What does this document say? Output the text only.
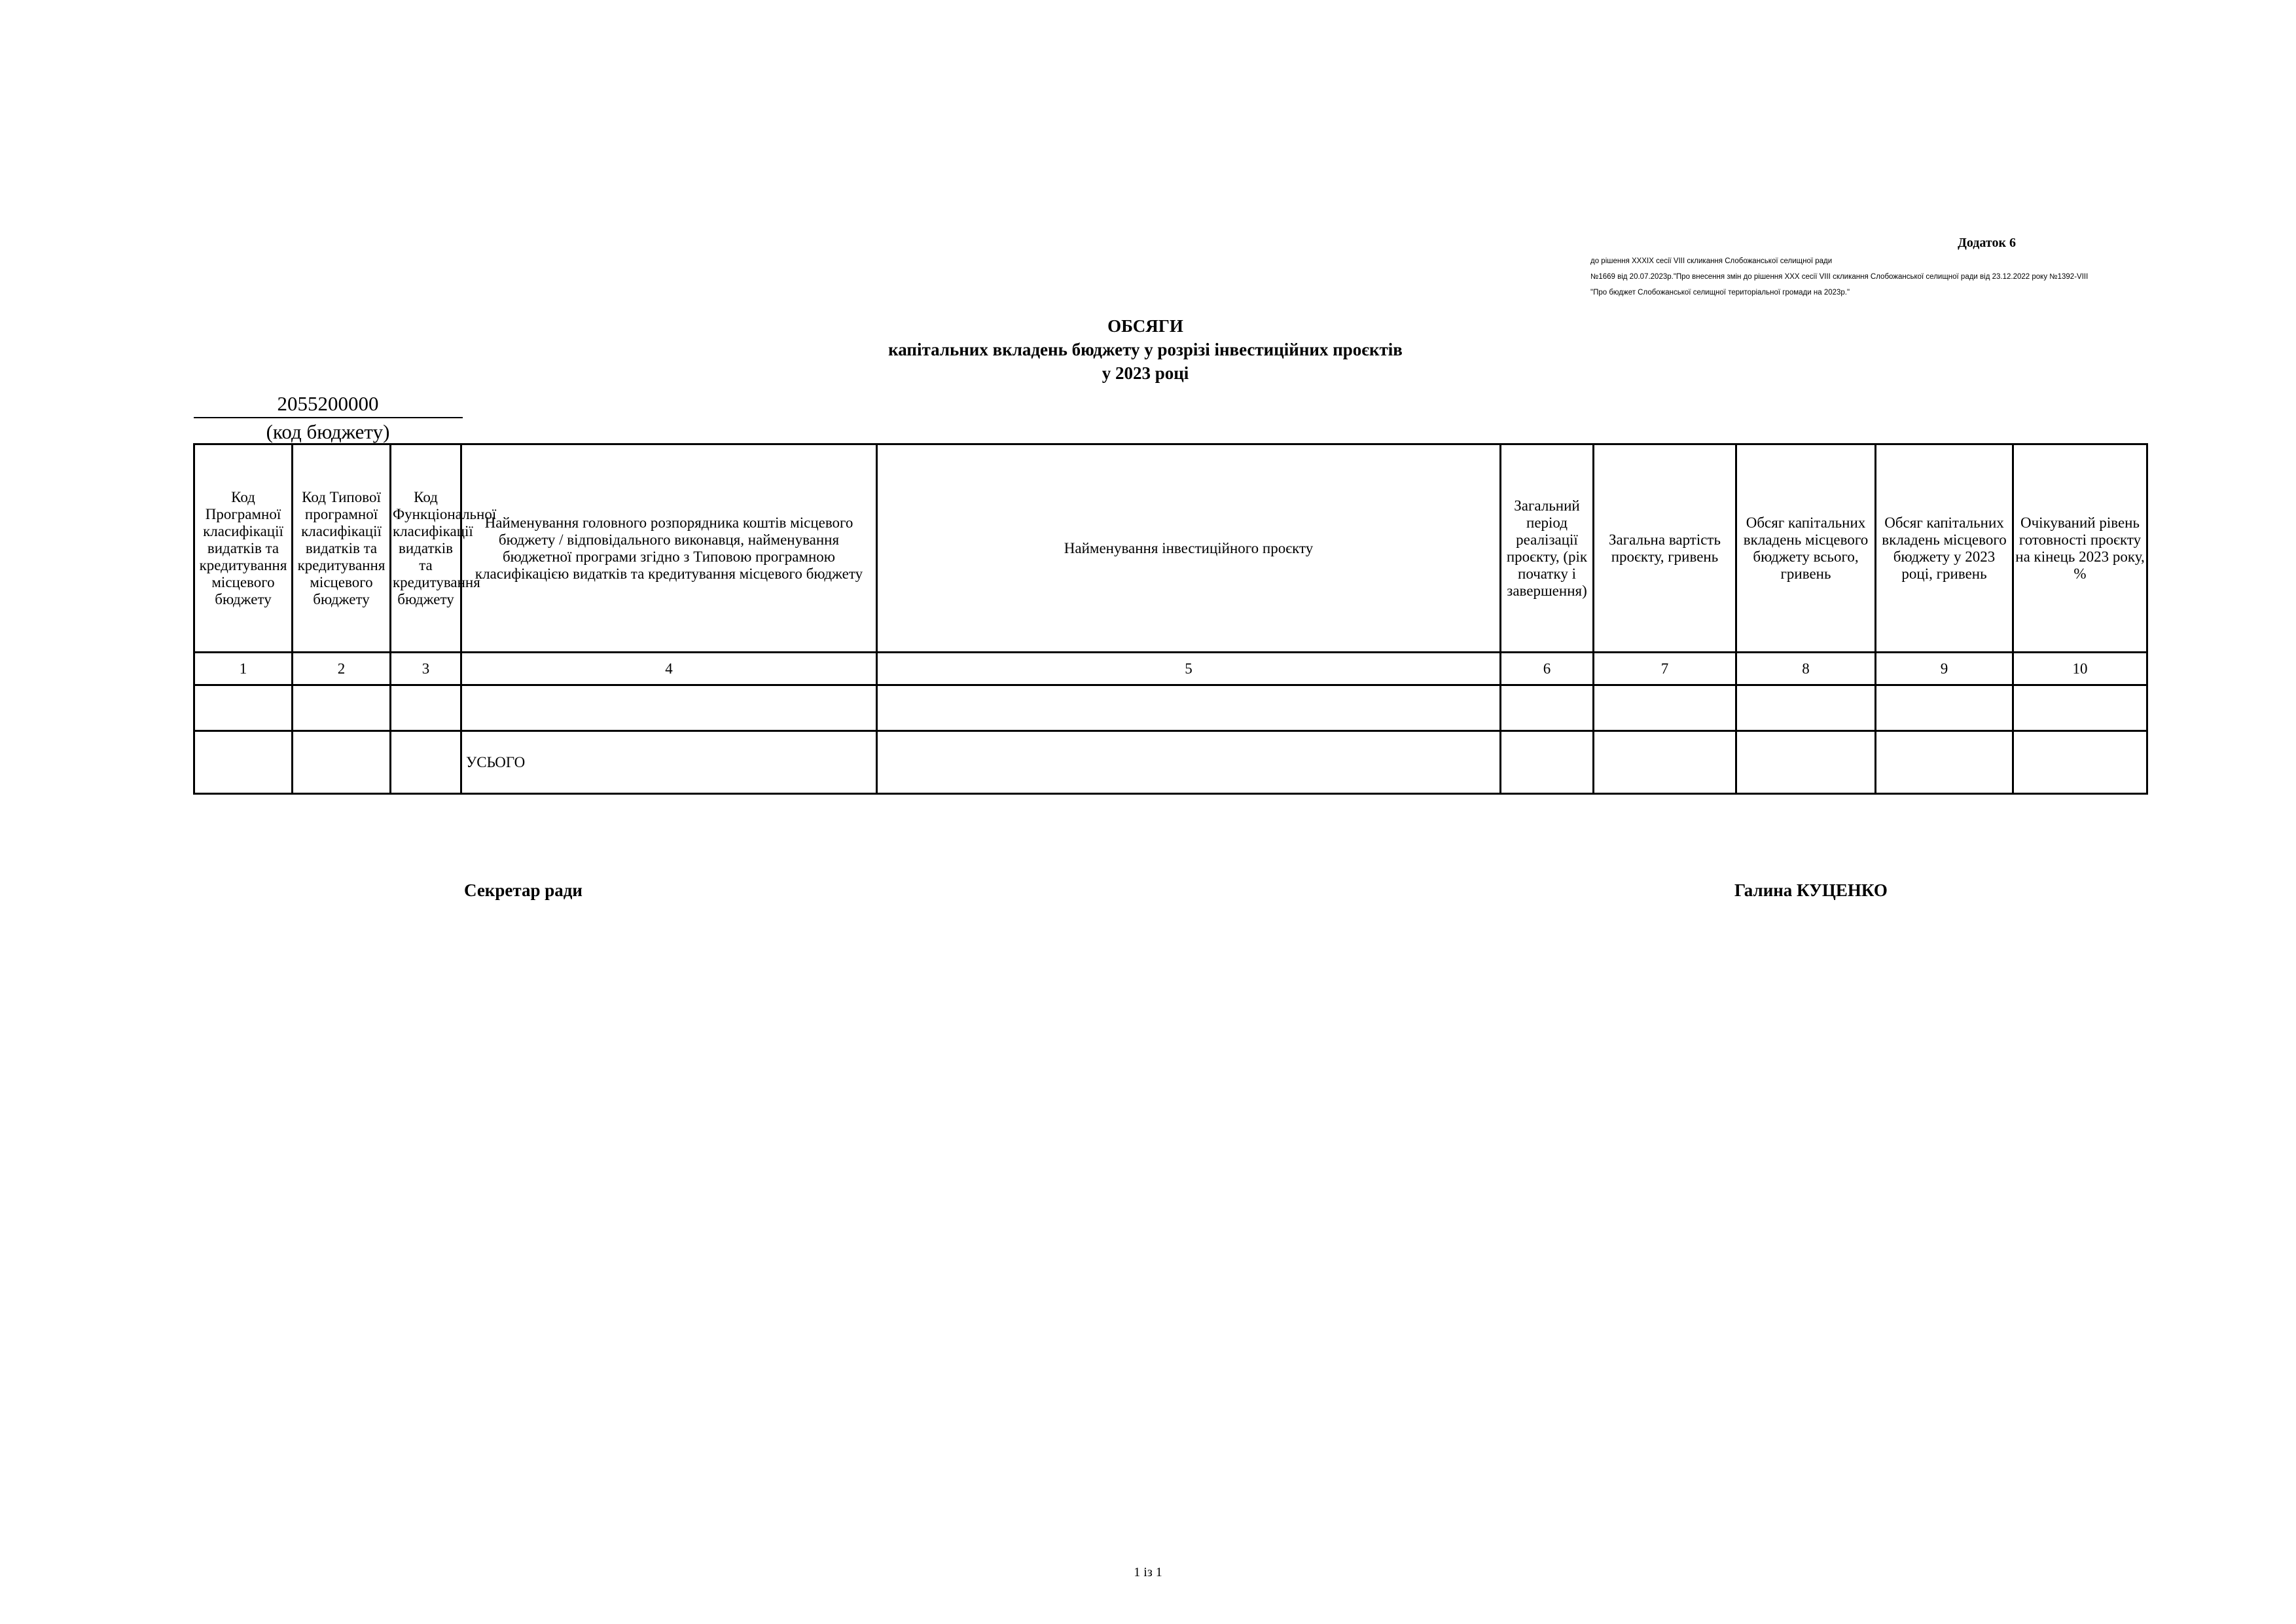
Додаток 6
до рішення XXXIX сесії VIII скликання Слобожанської селищної ради
№1669 від 20.07.2023р."Про внесення змін до рішення XXX сесії VIII скликання Слобожанської селищної ради від 23.12.2022 року №1392-VIII
"Про бюджет Слобожанської селищної територіальної громади на 2023р."
ОБСЯГИ
капітальних вкладень бюджету у розрізі інвестиційних проєктів
у 2023 році
2055200000
(код бюджету)
Код Програмної класифікації видатків та кредитування місцевого бюджету	Код Типової програмної класифікації видатків та кредитування місцевого бюджету	Код Функціональної класифікації видатків та кредитування бюджету	Найменування головного розпорядника коштів місцевого бюджету / відповідального виконавця, найменування бюджетної програми згідно з Типовою програмною класифікацією видатків та кредитування місцевого бюджету	Найменування інвестиційного проєкту	Загальний період реалізації проєкту, (рік початку і завершення)	Загальна вартість проєкту, гривень	Обсяг капітальних вкладень місцевого бюджету всього, гривень	Обсяг капітальних вкладень місцевого бюджету у 2023 році, гривень	Очікуваний рівень готовності проєкту на кінець 2023 року, %
1	2	3	4	5	6	7	8	9	10

			УСЬОГО						
Секретар ради	Галина КУЦЕНКО
1 із 1
